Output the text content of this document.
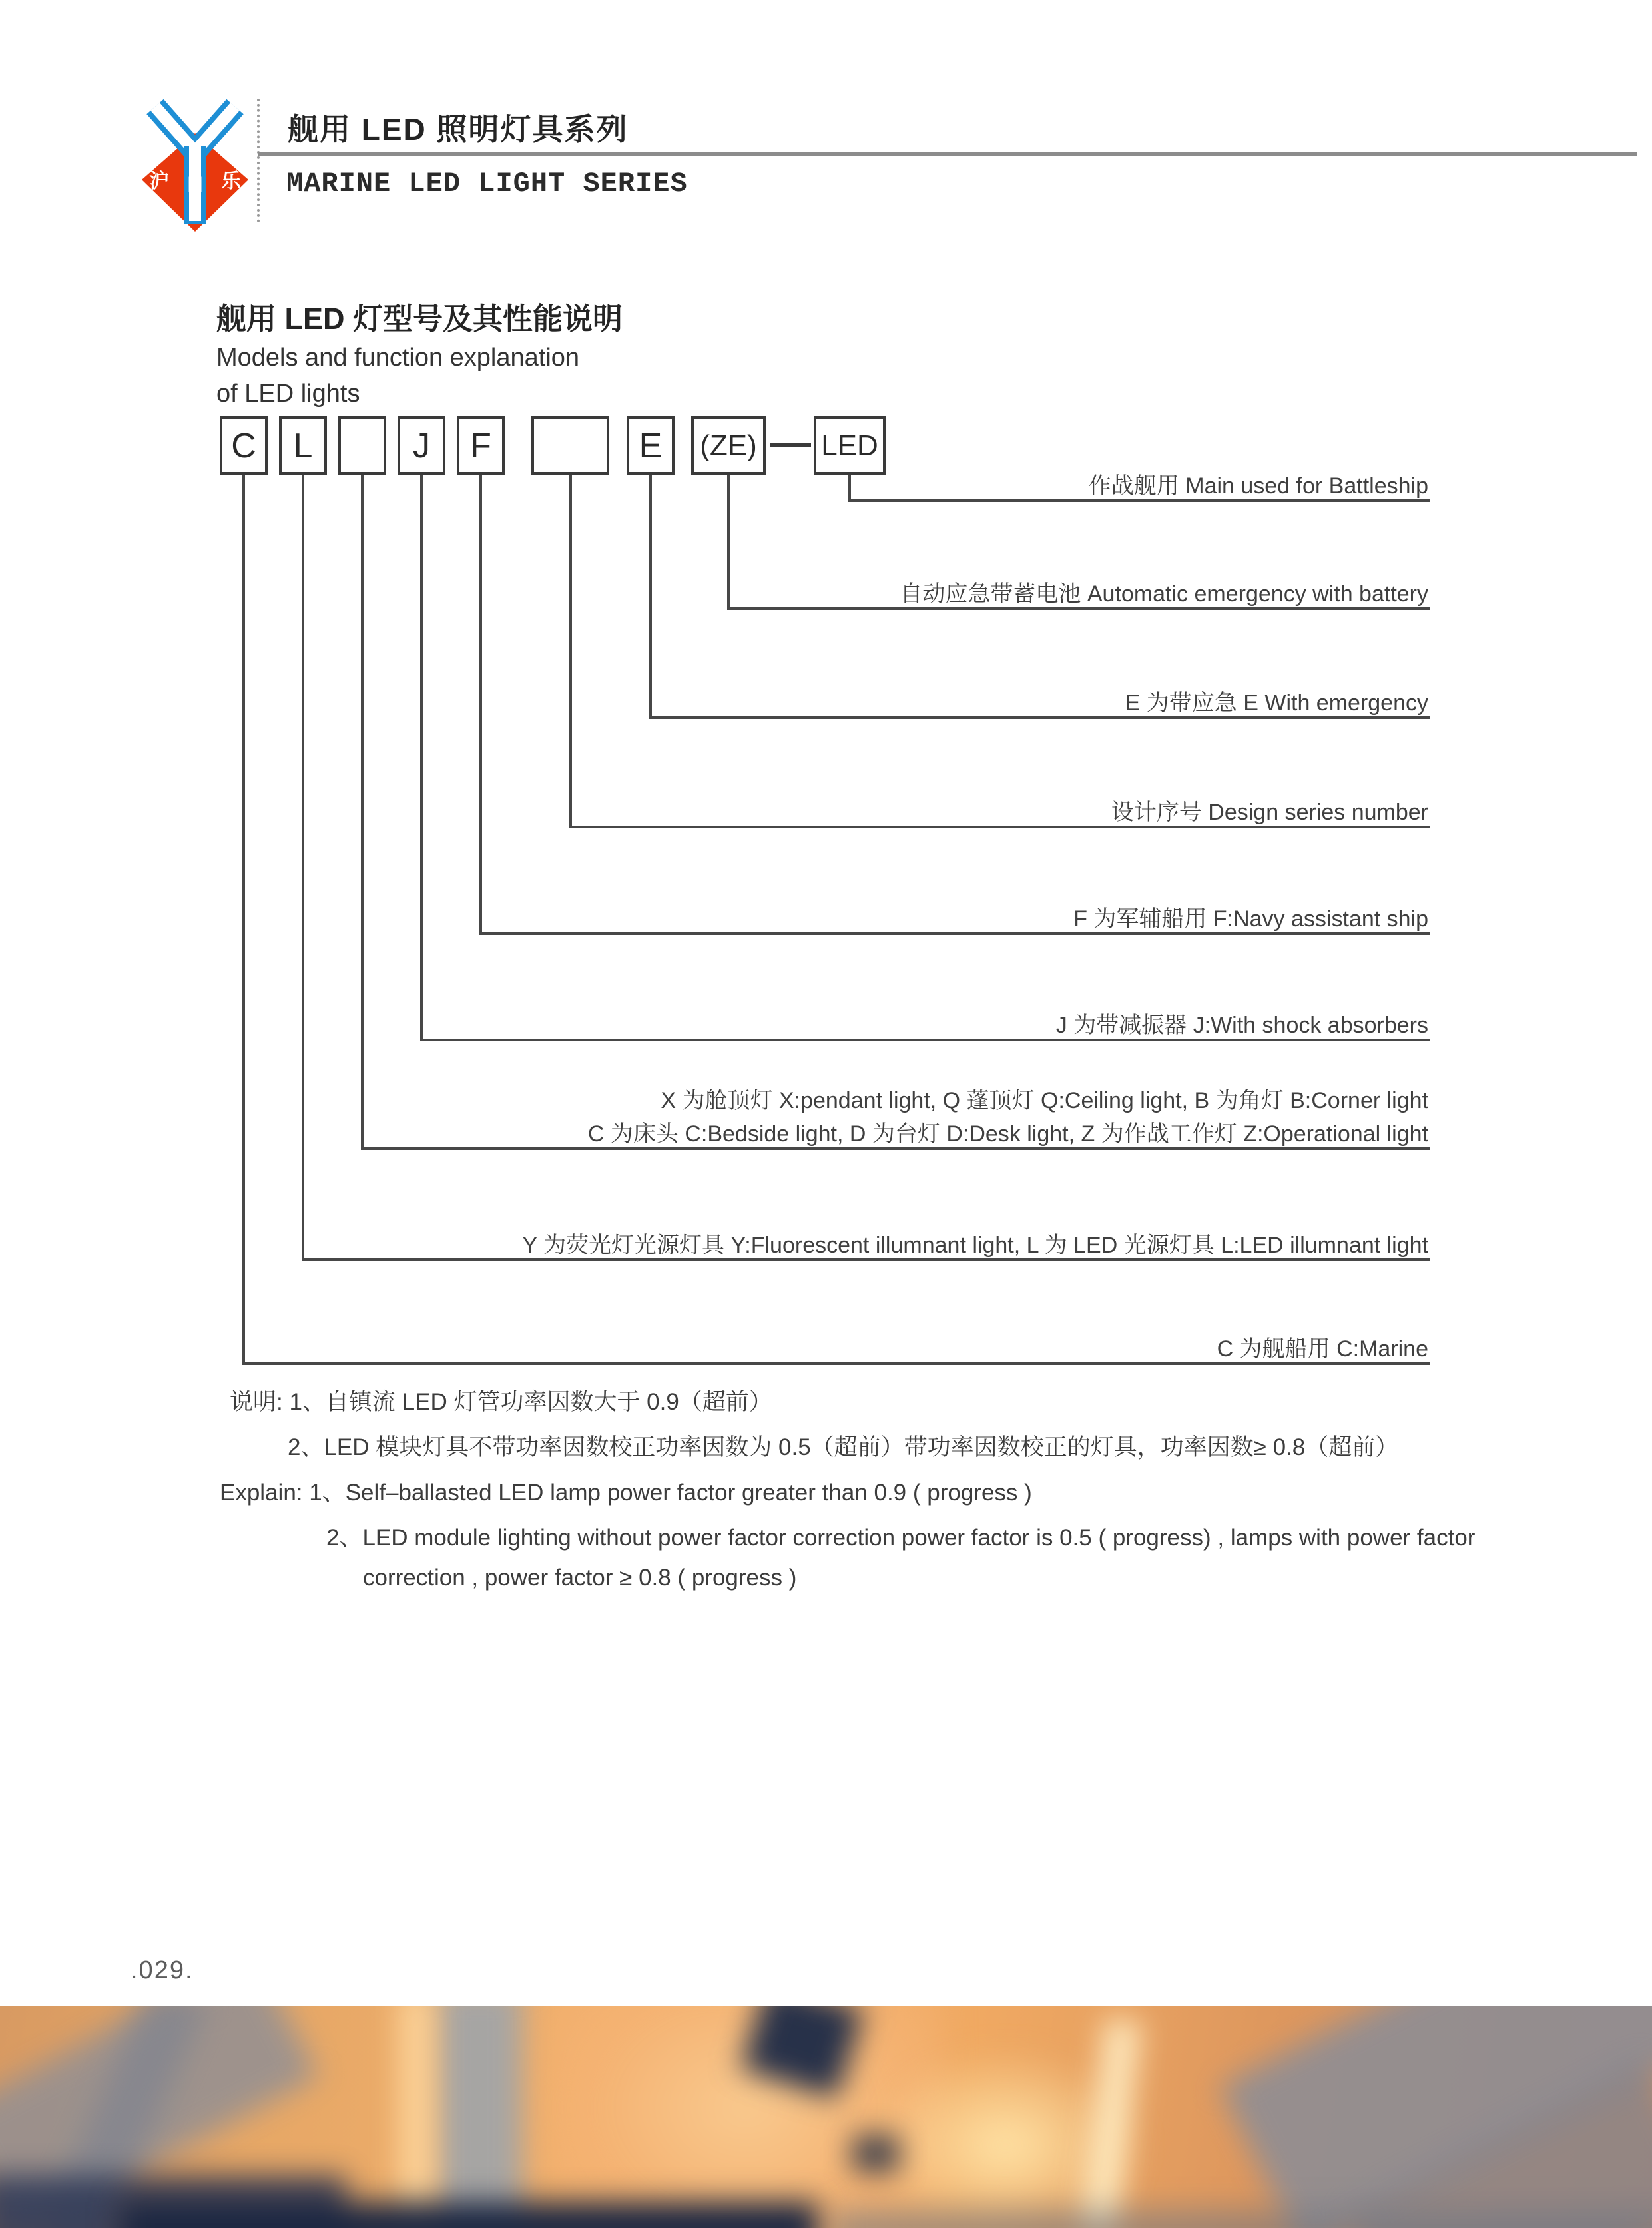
沪 H 乐
舰用 LED 照明灯具系列
MARINE LED LIGHT SERIES
舰用 LED 灯型号及其性能说明
Models and function explanation
of LED lights
C	L	J	F	E	(ZE)	LED
作战舰用 Main used for Battleship
自动应急带蓄电池 Automatic emergency with battery
E 为带应急 E With emergency
设计序号 Design series number
F 为军辅船用 F:Navy assistant ship
J 为带减振器 J:With shock absorbers
X 为舱顶灯 X:pendant light, Q 蓬顶灯 Q:Ceiling light, B 为角灯 B:Corner light
C 为床头 C:Bedside light, D 为台灯 D:Desk light, Z 为作战工作灯 Z:Operational light
Y 为荧光灯光源灯具 Y:Fluorescent illumnant light, L 为 LED 光源灯具 L:LED illumnant light
C 为舰船用 C:Marine
说明: 1、自镇流 LED 灯管功率因数大于 0.9（超前）
2、LED 模块灯具不带功率因数校正功率因数为 0.5（超前）带功率因数校正的灯具，功率因数≥ 0.8（超前）
Explain: 1、Self–ballasted LED lamp power factor greater than 0.9 ( progress )
2、LED module lighting without power factor correction power factor is 0.5 ( progress) , lamps with power factor
correction , power factor ≥ 0.8 ( progress )
.029.
